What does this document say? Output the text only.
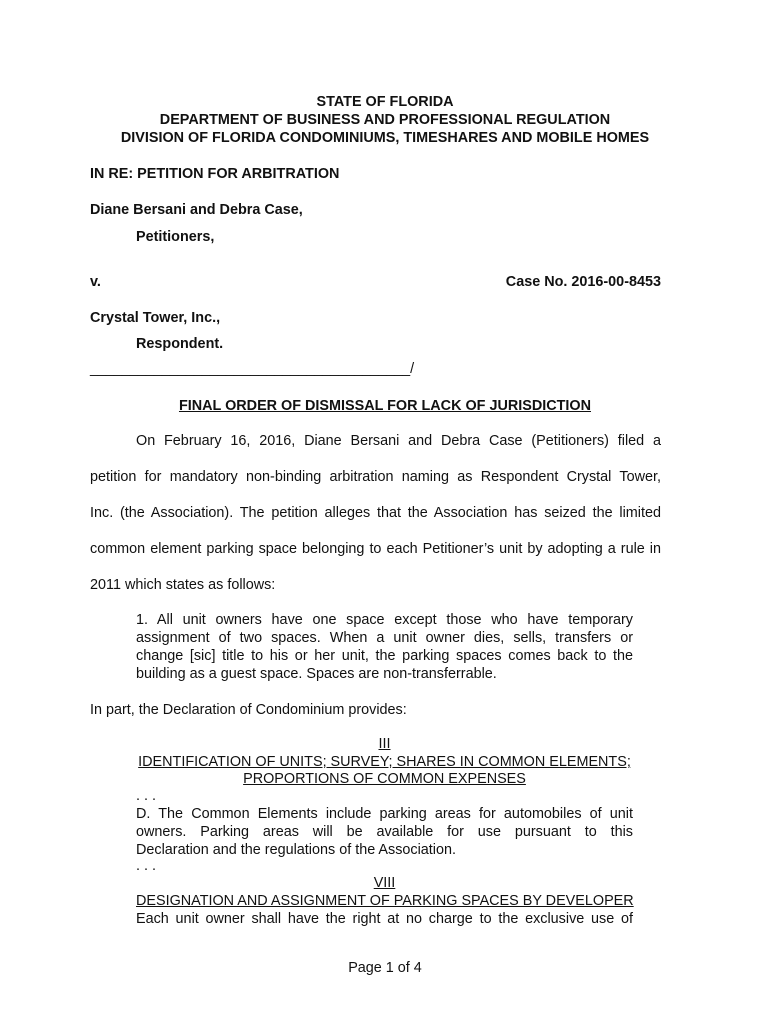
STATE OF FLORIDA
DEPARTMENT OF BUSINESS AND PROFESSIONAL REGULATION
DIVISION OF FLORIDA CONDOMINIUMS, TIMESHARES AND MOBILE HOMES
IN RE: PETITION FOR ARBITRATION
Diane Bersani and Debra Case,
Petitioners,
v.	Case No. 2016-00-8453
Crystal Tower, Inc.,
Respondent.
________________________________________/
FINAL ORDER OF DISMISSAL FOR LACK OF JURISDICTION
On February 16, 2016, Diane Bersani and Debra Case (Petitioners) filed a
petition for mandatory non-binding arbitration naming as Respondent Crystal Tower,
Inc. (the Association). The petition alleges that the Association has seized the limited
common element parking space belonging to each Petitioner’s unit by adopting a rule in
2011 which states as follows:
1. All unit owners have one space except those who have temporary
assignment of two spaces. When a unit owner dies, sells, transfers or
change [sic] title to his or her unit, the parking spaces comes back to the
building as a guest space. Spaces are non-transferrable.
In part, the Declaration of Condominium provides:
III
IDENTIFICATION OF UNITS; SURVEY; SHARES IN COMMON ELEMENTS;
PROPORTIONS OF COMMON EXPENSES
. . .
D. The Common Elements include parking areas for automobiles of unit
owners. Parking areas will be available for use pursuant to this
Declaration and the regulations of the Association.
. . .
VIII
DESIGNATION AND ASSIGNMENT OF PARKING SPACES BY DEVELOPER
Each unit owner shall have the right at no charge to the exclusive use of
Page 1 of 4
